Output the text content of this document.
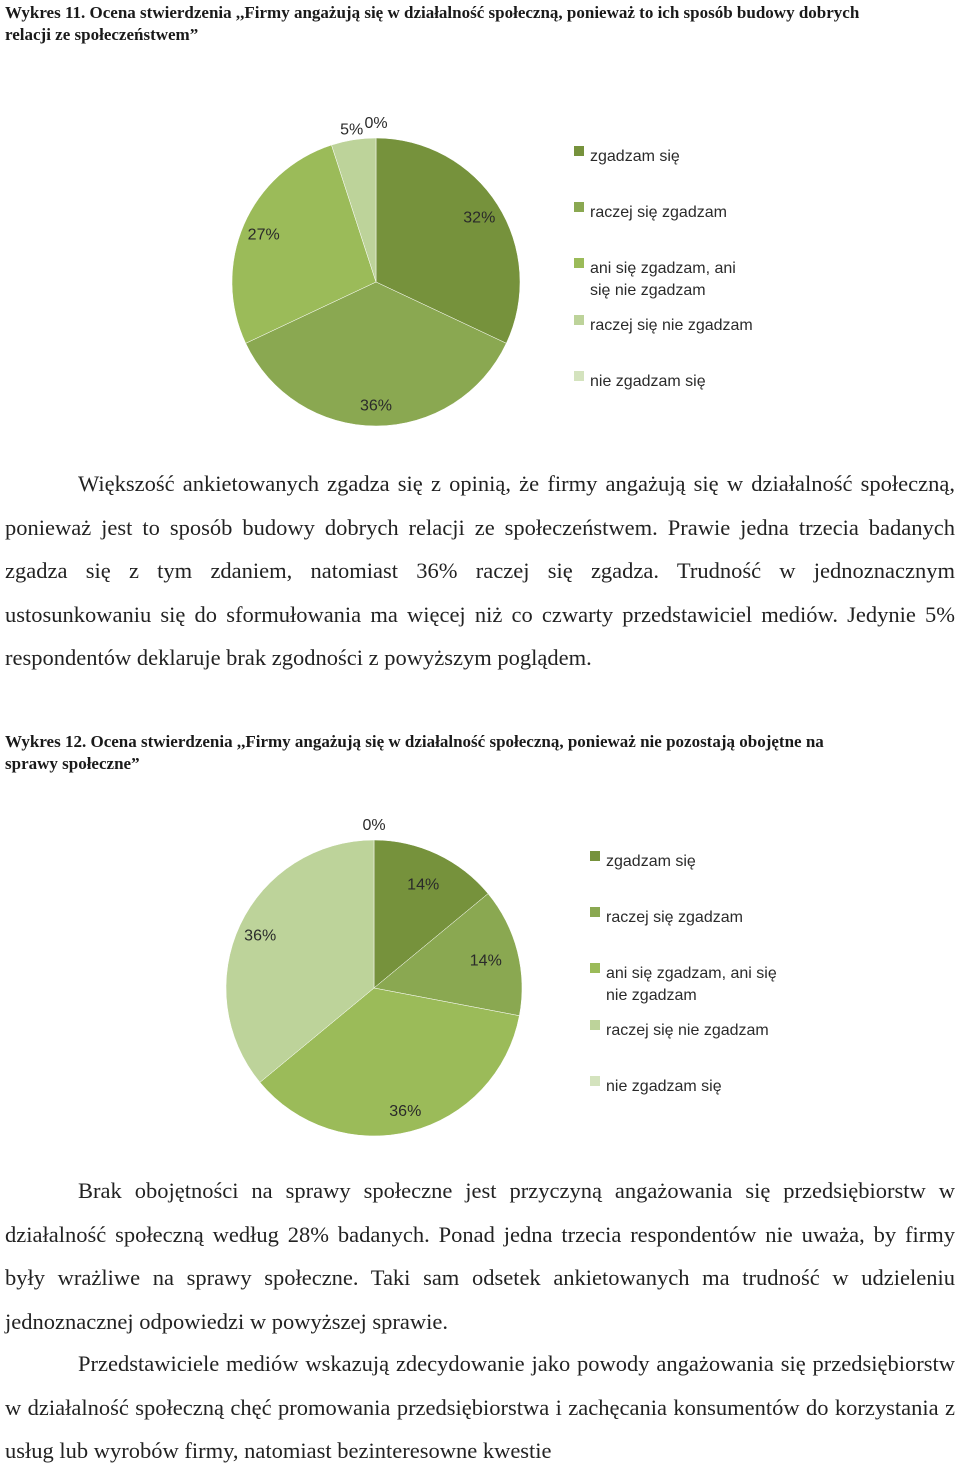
Wykres 11. Ocena stwierdzenia ,,Firmy angażują się w działalność społeczną, ponieważ to ich sposób budowy dobrych
relacji ze społeczeństwem”

32%
36%
27%
5% 0%
zgadzam się
raczej się zgadzam
ani się zgadzam, ani
się nie zgadzam
raczej się nie zgadzam
nie zgadzam się

Większość ankietowanych zgadza się z opinią, że firmy angażują się w działalność społeczną, ponieważ jest to sposób budowy dobrych relacji ze społeczeństwem. Prawie jedna trzecia badanych zgadza się z tym zdaniem, natomiast 36% raczej się zgadza. Trudność w jednoznacznym ustosunkowaniu się do sformułowania ma więcej niż co czwarty przedstawiciel mediów. Jedynie 5% respondentów deklaruje brak zgodności z powyższym poglądem.

Wykres 12. Ocena stwierdzenia ,,Firmy angażują się w działalność społeczną, ponieważ nie pozostają obojętne na
sprawy społeczne”

14%
14%
36%
36%
0%
zgadzam się
raczej się zgadzam
ani się zgadzam, ani się
nie zgadzam
raczej się nie zgadzam
nie zgadzam się

Brak obojętności na sprawy społeczne jest przyczyną angażowania się przedsiębiorstw w działalność społeczną według 28% badanych. Ponad jedna trzecia respondentów nie uważa, by firmy były wrażliwe na sprawy społeczne. Taki sam odsetek ankietowanych ma trudność w udzieleniu jednoznacznej odpowiedzi w powyższej sprawie.

Przedstawiciele mediów wskazują zdecydowanie jako powody angażowania się przedsiębiorstw w działalność społeczną chęć promowania przedsiębiorstwa i zachęcania konsumentów do korzystania z usług lub wyrobów firmy, natomiast bezinteresowne kwestie
